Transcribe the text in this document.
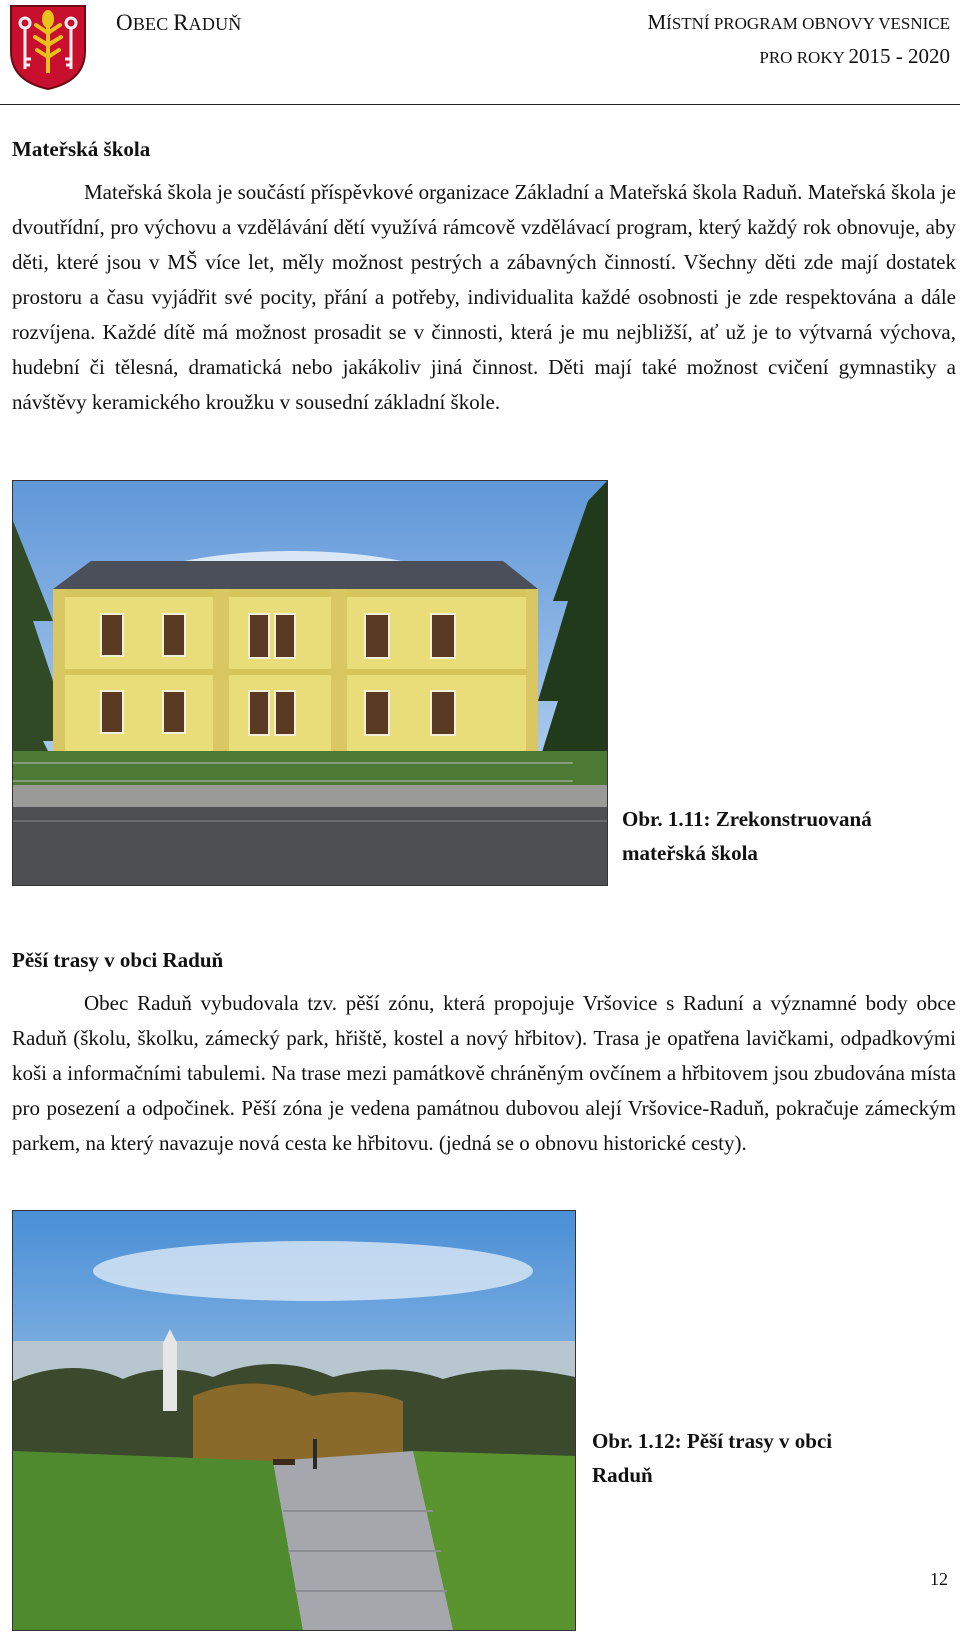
OBEC RADUŇ	MÍSTNÍ PROGRAM OBNOVY VESNICE
PRO ROKY 2015 - 2020
Mateřská škola

Mateřská škola je součástí příspěvkové organizace Základní a Mateřská škola Raduň. Mateřská škola je dvoutřídní, pro výchovu a vzdělávání dětí využívá rámcově vzdělávací program, který každý rok obnovuje, aby děti, které jsou v MŠ více let, měly možnost pestrých a zábavných činností. Všechny děti zde mají dostatek prostoru a času vyjádřit své pocity, přání a potřeby, individualita každé osobnosti je zde respektována a dále rozvíjena. Každé dítě má možnost prosadit se v činnosti, která je mu nejbližší, ať už je to výtvarná výchova, hudební či tělesná, dramatická nebo jakákoliv jiná činnost. Děti mají také možnost cvičení gymnastiky a návštěvy keramického kroužku v sousední základní škole.

Obr. 1.11: Zrekonstruovaná mateřská škola
Pěší trasy v obci Raduň

Obec Raduň vybudovala tzv. pěší zónu, která propojuje Vršovice s Raduní a významné body obce Raduň (školu, školku, zámecký park, hřiště, kostel a nový hřbitov). Trasa je opatřena lavičkami, odpadkovými koši a informačními tabulemi. Na trase mezi památkově chráněným ovčínem a hřbitovem jsou zbudována místa pro posezení a odpočinek. Pěší zóna je vedena památnou dubovou alejí Vršovice-Raduň, pokračuje zámeckým parkem, na který navazuje nová cesta ke hřbitovu. (jedná se o obnovu historické cesty).

Obr. 1.12: Pěší trasy v obci Raduň
12
